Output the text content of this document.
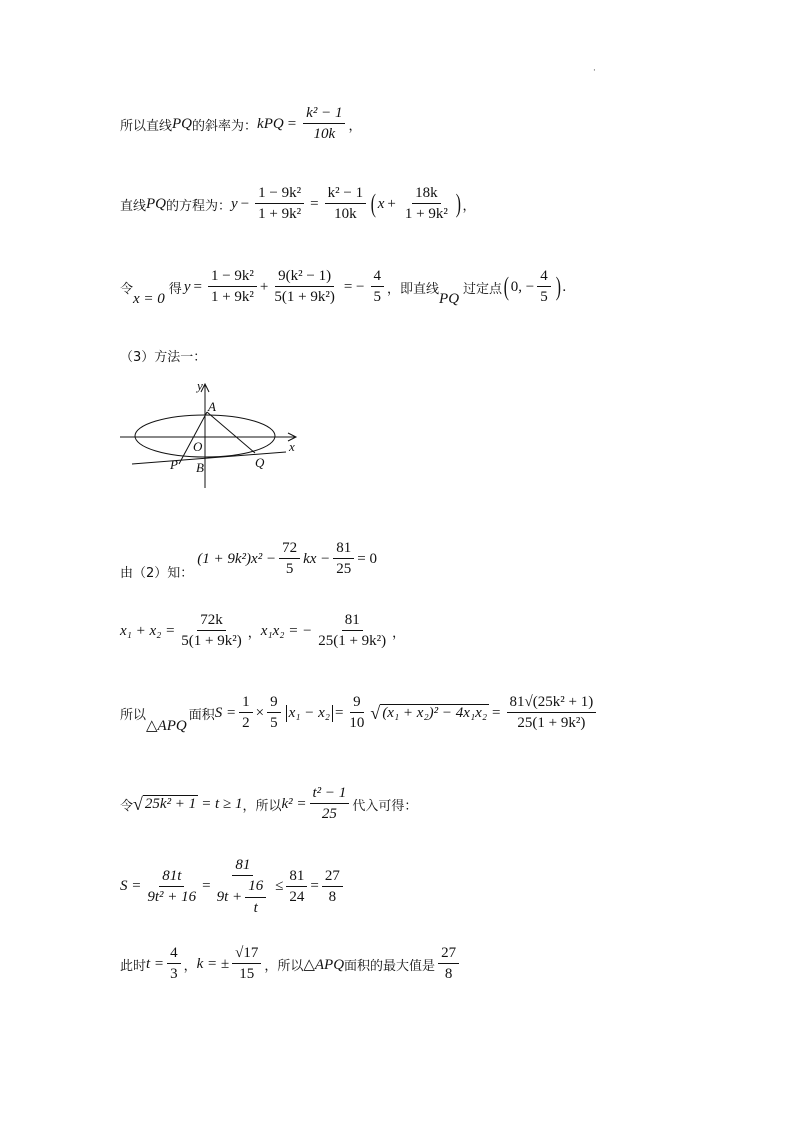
·
所以直线 PQ 的斜率为： k PQ = $\frac{\text{k² − 1}}{10k}$ ，
直线 PQ 的方程为： $y - \frac{\text{1 − 9k²}}{\text{1 + 9k²}} = \frac{\text{k² − 1}}{10k}$ ( $x + \frac{18k}{\text{1 + 9k²}}$ ) ，
令
x = 0
得 $y = \frac{\text{1 − 9k²}}{\text{1 + 9k²}} + \frac{\text{9(k² − 1)}}{\text{5(1 + 9k²)}}$ = − $\frac{4}{5}$ ，即直线
PQ
过定点 ( 0, − $\frac{4}{5}$ ) .
（3）方法一：
y
x
A
O
P B	Q
由（2）知：
$(1 + 9k^2)x^2 - \frac{72}{5}$ kx − $\frac{81}{25} = 0$
$x_1 + x_2 = \frac{72k}{\text{5(1 + 9k²)}}$ ， x₁x₂ = − $\frac{81}{\text{25(1 + 9k²)}}$ ，
所以
△APQ
面积 $S = \frac{1}{2} \times \frac{9}{5} x_1 - x_2 = \frac{9}{10}$ √ $(x_1 + x_2)^2 - 4x_1x_2 = \frac{\text{81√(25k² + 1)}}{\text{25(1 + 9k²)}}$
令 √ 25k² + 1 = t ≥ 1 ，所以 $k^2 = \frac{\text{t² − 1}}{25}$ 代入可得：
$S = \frac{81t}{\text{9t² + 16}} = \frac{81}{9t + \frac{16}{t}} \le \frac{81}{24} = \frac{27}{8}$
此时 $t = \frac{4}{3}$ ， k = ± $\frac{√17}{15}$ ，所以 △APQ 面积的最大值是 $\frac{27}{8}$
